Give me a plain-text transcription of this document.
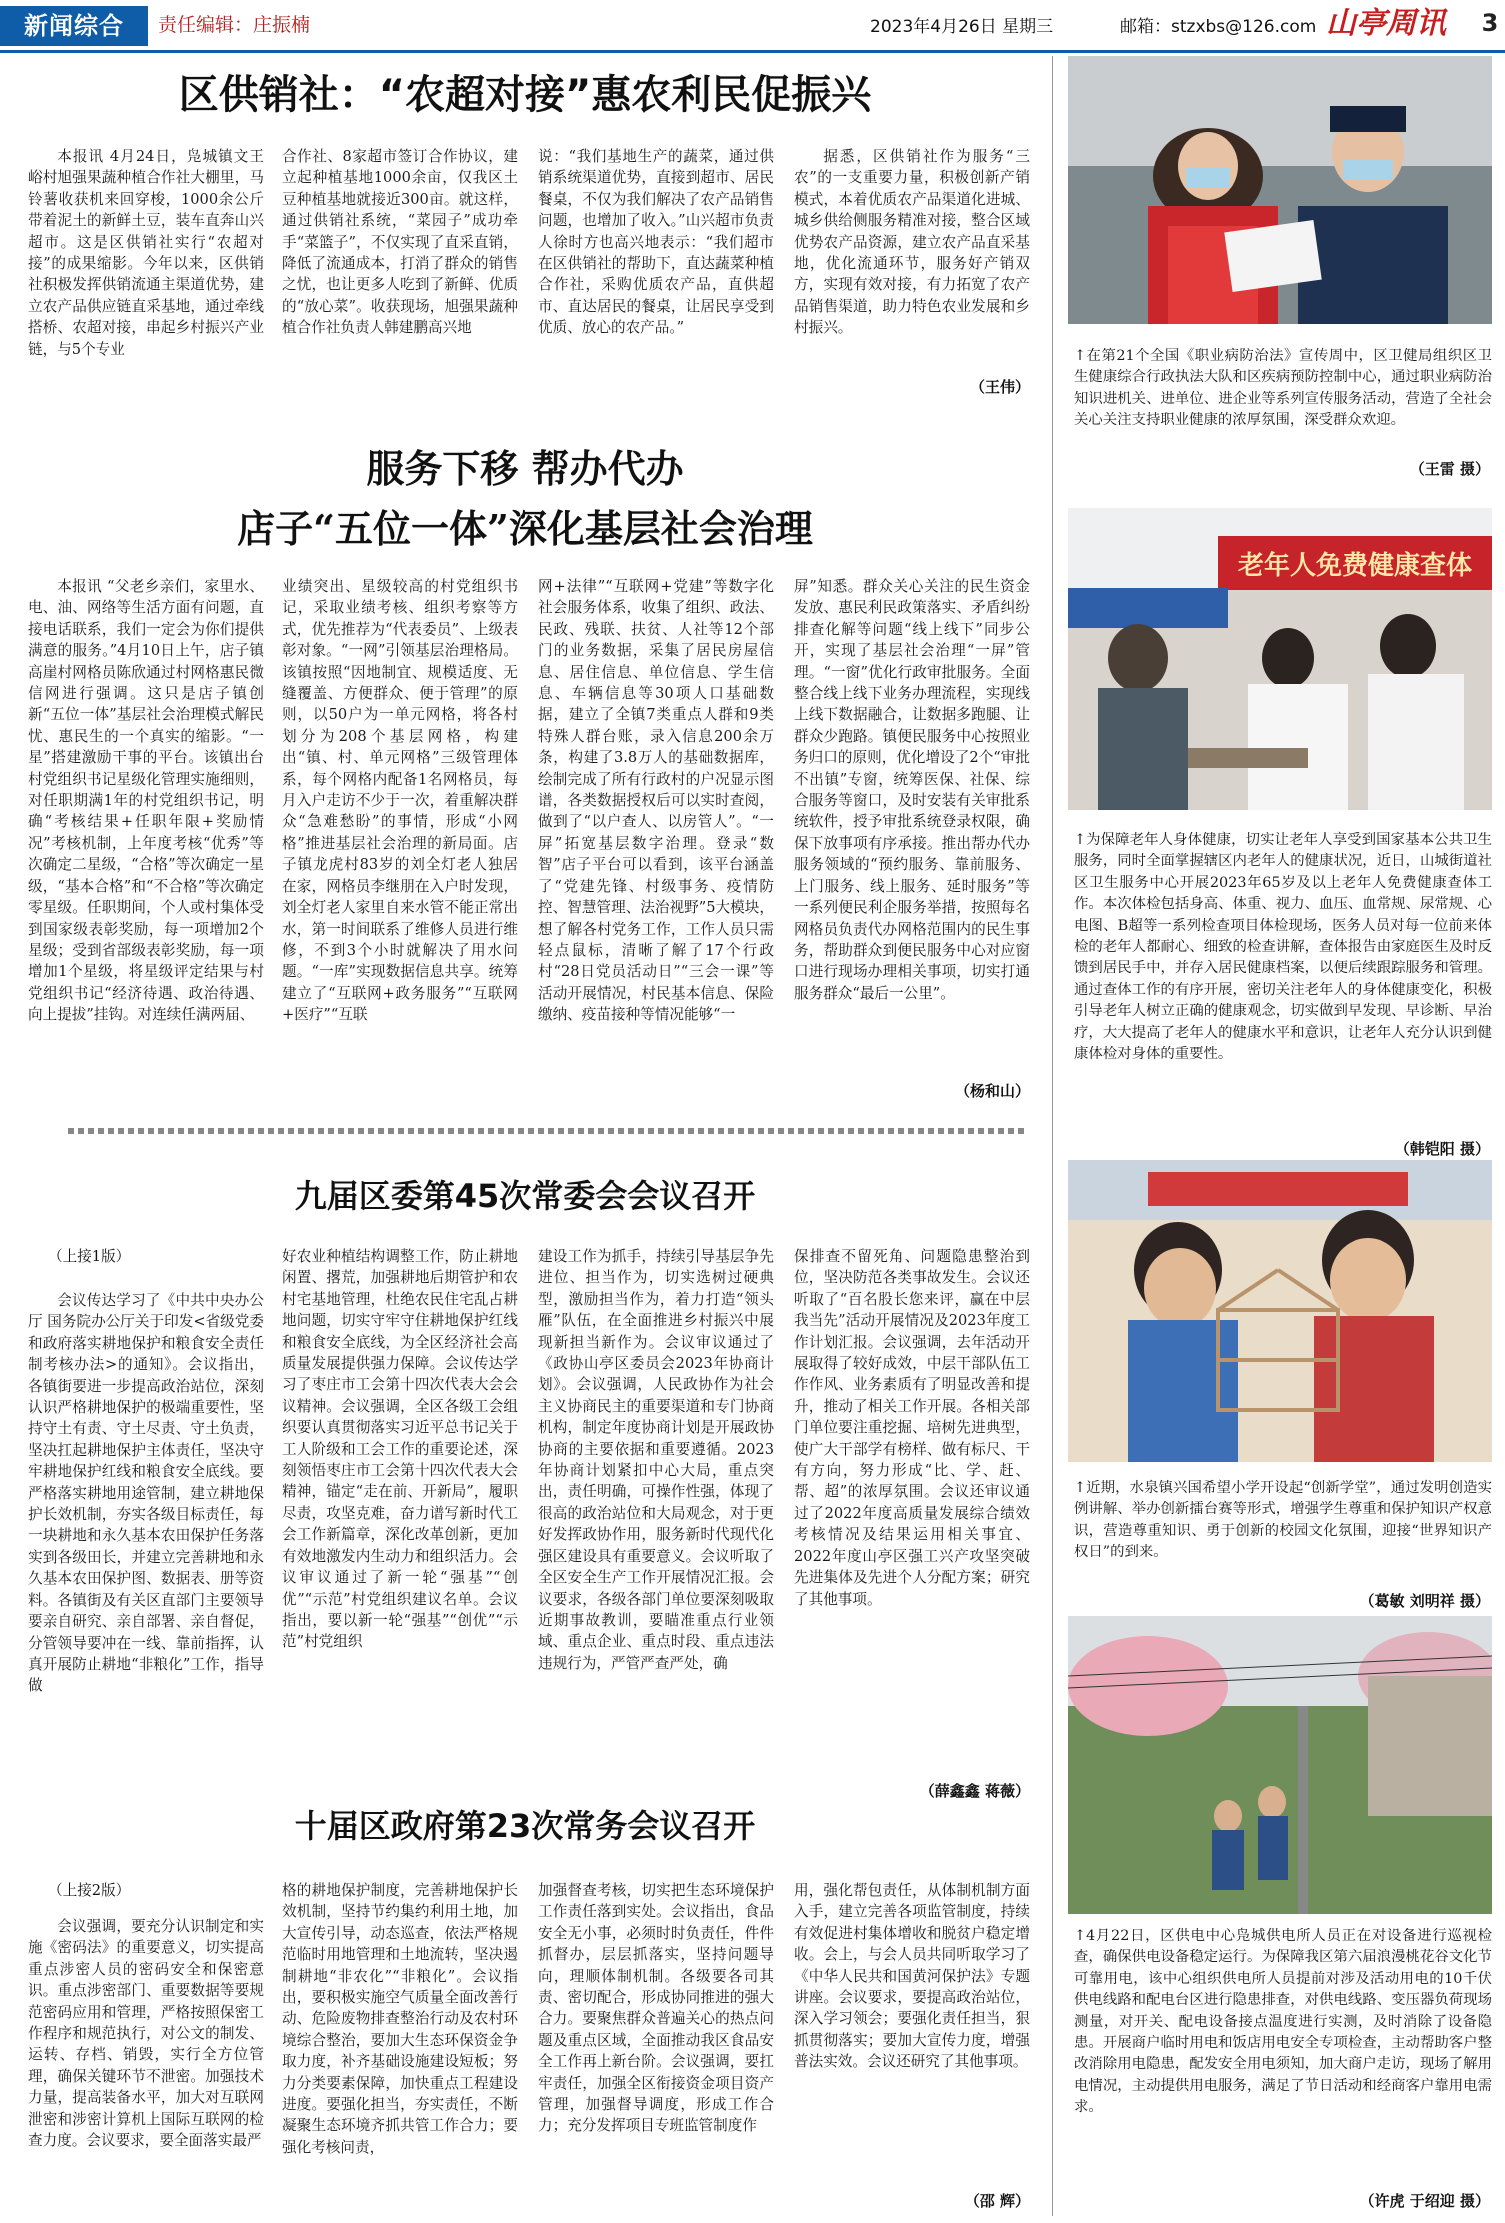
新闻综合	责任编辑：庄振楠	2023年4月26日 星期三	邮箱：stzxbs@126.com 山亭周讯	3
区供销社：“农超对接”惠农利民促振兴
本报讯 4月24日，凫城镇文王峪村旭强果蔬种植合作社大棚里，马铃薯收获机来回穿梭，1000余公斤带着泥土的新鲜土豆，装车直奔山兴超市。这是区供销社实行“农超对接”的成果缩影。今年以来，区供销社积极发挥供销流通主渠道优势，建立农产品供应链直采基地，通过牵线搭桥、农超对接，串起乡村振兴产业链，与5个专业
合作社、8家超市签订合作协议，建立起种植基地1000余亩，仅我区土豆种植基地就接近300亩。就这样，通过供销社系统，“菜园子”成功牵手“菜篮子”，不仅实现了直采直销，降低了流通成本，打消了群众的销售之忧，也让更多人吃到了新鲜、优质的“放心菜”。收获现场，旭强果蔬种植合作社负责人韩建鹏高兴地
说：“我们基地生产的蔬菜，通过供销系统渠道优势，直接到超市、居民餐桌，不仅为我们解决了农产品销售问题，也增加了收入。”山兴超市负责人徐时方也高兴地表示：“我们超市在区供销社的帮助下，直达蔬菜种植合作社，采购优质农产品，直供超市、直达居民的餐桌，让居民享受到优质、放心的农产品。”
据悉，区供销社作为服务“三农”的一支重要力量，积极创新产销模式，本着优质农产品渠道化进城、城乡供给侧服务精准对接，整合区域优势农产品资源，建立农产品直采基地，优化流通环节，服务好产销双方，实现有效对接，有力拓宽了农产品销售渠道，助力特色农业发展和乡村振兴。
（王伟）
服务下移 帮办代办
店子“五位一体”深化基层社会治理
本报讯 “父老乡亲们，家里水、电、油、网络等生活方面有问题，直接电话联系，我们一定会为你们提供满意的服务。”4月10日上午，店子镇高崖村网格员陈欣通过村网格惠民微信网进行强调。这只是店子镇创新“五位一体”基层社会治理模式解民忧、惠民生的一个真实的缩影。“一星”搭建激励干事的平台。该镇出台村党组织书记星级化管理实施细则，对任职期满1年的村党组织书记，明确“考核结果+任职年限+奖励情况”考核机制，上年度考核“优秀”等次确定二星级，“合格”等次确定一星级，“基本合格”和“不合格”等次确定零星级。任职期间，个人或村集体受到国家级表彰奖励，每一项增加2个星级；受到省部级表彰奖励，每一项增加1个星级，将星级评定结果与村党组织书记“经济待遇、政治待遇、向上提拔”挂钩。对连续任满两届、
业绩突出、星级较高的村党组织书记，采取业绩考核、组织考察等方式，优先推荐为“代表委员”、上级表彰对象。“一网”引领基层治理格局。该镇按照“因地制宜、规模适度、无缝覆盖、方便群众、便于管理”的原则，以50户为一单元网格，将各村划分为208个基层网格，构建出“镇、村、单元网格”三级管理体系，每个网格内配备1名网格员，每月入户走访不少于一次，着重解决群众“急难愁盼”的事情，形成“小网格”推进基层社会治理的新局面。店子镇龙虎村83岁的刘全灯老人独居在家，网格员李继朋在入户时发现，刘全灯老人家里自来水管不能正常出水，第一时间联系了维修人员进行维修，不到3个小时就解决了用水问题。“一库”实现数据信息共享。统筹建立了“互联网+政务服务”“互联网+医疗”“互联
网+法律”“互联网+党建”等数字化社会服务体系，收集了组织、政法、民政、残联、扶贫、人社等12个部门的业务数据，采集了居民房屋信息、居住信息、单位信息、学生信息、车辆信息等30项人口基础数据，建立了全镇7类重点人群和9类特殊人群台账，录入信息200余万条，构建了3.8万人的基础数据库，绘制完成了所有行政村的户况显示图谱，各类数据授权后可以实时查阅，做到了“以户查人、以房管人”。“一屏”拓宽基层数字治理。登录“数智”店子平台可以看到，该平台涵盖了“党建先锋、村级事务、疫情防控、智慧管理、法治视野”5大模块，想了解各村党务工作，工作人员只需轻点鼠标，清晰了解了17个行政村“28日党员活动日”“三会一课”等活动开展情况，村民基本信息、保险缴纳、疫苗接种等情况能够“一
屏”知悉。群众关心关注的民生资金发放、惠民利民政策落实、矛盾纠纷排查化解等问题“线上线下”同步公开，实现了基层社会治理“一屏”管理。“一窗”优化行政审批服务。全面整合线上线下业务办理流程，实现线上线下数据融合，让数据多跑腿、让群众少跑路。镇便民服务中心按照业务归口的原则，优化增设了2个“审批不出镇”专窗，统筹医保、社保、综合服务等窗口，及时安装有关审批系统软件，授予审批系统登录权限，确保下放事项有序承接。推出帮办代办服务领域的“预约服务、靠前服务、上门服务、线上服务、延时服务”等一系列便民利企服务举措，按照每名网格员负责代办网格范围内的民生事务，帮助群众到便民服务中心对应窗口进行现场办理相关事项，切实打通服务群众“最后一公里”。
（杨和山）
九届区委第45次常委会会议召开
（上接1版）
会议传达学习了《中共中央办公厅 国务院办公厅关于印发<省级党委和政府落实耕地保护和粮食安全责任制考核办法>的通知》。会议指出，各镇街要进一步提高政治站位，深刻认识严格耕地保护的极端重要性，坚持守土有责、守土尽责、守土负责，坚决扛起耕地保护主体责任，坚决守牢耕地保护红线和粮食安全底线。要严格落实耕地用途管制，建立耕地保护长效机制，夯实各级目标责任，每一块耕地和永久基本农田保护任务落实到各级田长，并建立完善耕地和永久基本农田保护图、数据表、册等资料。各镇街及有关区直部门主要领导要亲自研究、亲自部署、亲自督促，分管领导要冲在一线、靠前指挥，认真开展防止耕地“非粮化”工作，指导做
好农业种植结构调整工作，防止耕地闲置、撂荒，加强耕地后期管护和农村宅基地管理，杜绝农民住宅乱占耕地问题，切实守牢守住耕地保护红线和粮食安全底线，为全区经济社会高质量发展提供强力保障。会议传达学习了枣庄市工会第十四次代表大会会议精神。会议强调，全区各级工会组织要认真贯彻落实习近平总书记关于工人阶级和工会工作的重要论述，深刻领悟枣庄市工会第十四次代表大会精神，锚定“走在前、开新局”，履职尽责，攻坚克难，奋力谱写新时代工会工作新篇章，深化改革创新，更加有效地激发内生动力和组织活力。会议审议通过了新一轮“强基”“创优”“示范”村党组织建议名单。会议指出，要以新一轮“强基”“创优”“示范”村党组织
建设工作为抓手，持续引导基层争先进位、担当作为，切实选树过硬典型，激励担当作为，着力打造“领头雁”队伍，在全面推进乡村振兴中展现新担当新作为。会议审议通过了《政协山亭区委员会2023年协商计划》。会议强调，人民政协作为社会主义协商民主的重要渠道和专门协商机构，制定年度协商计划是开展政协协商的主要依据和重要遵循。2023年协商计划紧扣中心大局，重点突出，责任明确，可操作性强，体现了很高的政治站位和大局观念，对于更好发挥政协作用，服务新时代现代化强区建设具有重要意义。会议听取了全区安全生产工作开展情况汇报。会议要求，各级各部门单位要深刻吸取近期事故教训，要瞄准重点行业领域、重点企业、重点时段、重点违法违规行为，严管严查严处，确
保排查不留死角、问题隐患整治到位，坚决防范各类事故发生。会议还听取了“百名股长您来评，赢在中层我当先”活动开展情况及2023年度工作计划汇报。会议强调，去年活动开展取得了较好成效，中层干部队伍工作作风、业务素质有了明显改善和提升，推动了相关工作开展。各相关部门单位要注重挖掘、培树先进典型，使广大干部学有榜样、做有标尺、干有方向，努力形成“比、学、赶、帮、超”的浓厚氛围。会议还审议通过了2022年度高质量发展综合绩效考核情况及结果运用相关事宜、2022年度山亭区强工兴产攻坚突破先进集体及先进个人分配方案；研究了其他事项。
（薛鑫鑫 蒋薇）
十届区政府第23次常务会议召开
（上接2版）
会议强调，要充分认识制定和实施《密码法》的重要意义，切实提高重点涉密人员的密码安全和保密意识。重点涉密部门、重要数据等要规范密码应用和管理，严格按照保密工作程序和规范执行，对公文的制发、运转、存档、销毁，实行全方位管理，确保关键环节不泄密。加强技术力量，提高装备水平，加大对互联网泄密和涉密计算机上国际互联网的检查力度。会议要求，要全面落实最严
格的耕地保护制度，完善耕地保护长效机制，坚持节约集约利用土地，加大宣传引导，动态巡查，依法严格规范临时用地管理和土地流转，坚决遏制耕地“非农化”“非粮化”。会议指出，要积极实施空气质量全面改善行动、危险废物排查整治行动及农村环境综合整治，要加大生态环保资金争取力度，补齐基础设施建设短板；努力分类要素保障，加快重点工程建设进度。要强化担当，夯实责任，不断凝聚生态环境齐抓共管工作合力；要强化考核问责，
加强督查考核，切实把生态环境保护工作责任落到实处。会议指出，食品安全无小事，必须时时负责任，件件抓督办，层层抓落实，坚持问题导向，理顺体制机制。各级要各司其责、密切配合，形成协同推进的强大合力。要聚焦群众普遍关心的热点问题及重点区域，全面推动我区食品安全工作再上新台阶。会议强调，要扛牢责任，加强全区衔接资金项目资产管理，加强督导调度，形成工作合力；充分发挥项目专班监管制度作
用，强化帮包责任，从体制机制方面入手，建立完善各项监管制度，持续有效促进村集体增收和脱贫户稳定增收。会上，与会人员共同听取学习了《中华人民共和国黄河保护法》专题讲座。会议要求，要提高政治站位，深入学习领会；要强化责任担当，狠抓贯彻落实；要加大宣传力度，增强普法实效。会议还研究了其他事项。
（邵 辉）
↑在第21个全国《职业病防治法》宣传周中，区卫健局组织区卫生健康综合行政执法大队和区疾病预防控制中心，通过职业病防治知识进机关、进单位、进企业等系列宣传服务活动，营造了全社会关心关注支持职业健康的浓厚氛围，深受群众欢迎。
（王雷 摄）
老年人免费健康查体
↑为保障老年人身体健康，切实让老年人享受到国家基本公共卫生服务，同时全面掌握辖区内老年人的健康状况，近日，山城街道社区卫生服务中心开展2023年65岁及以上老年人免费健康查体工作。本次体检包括身高、体重、视力、血压、血常规、尿常规、心电图、B超等一系列检查项目体检现场，医务人员对每一位前来体检的老年人都耐心、细致的检查讲解，查体报告由家庭医生及时反馈到居民手中，并存入居民健康档案，以便后续跟踪服务和管理。通过查体工作的有序开展，密切关注老年人的身体健康变化，积极引导老年人树立正确的健康观念，切实做到早发现、早诊断、早治疗，大大提高了老年人的健康水平和意识，让老年人充分认识到健康体检对身体的重要性。
（韩铠阳 摄）
↑近期，水泉镇兴国希望小学开设起“创新学堂”，通过发明创造实例讲解、举办创新擂台赛等形式，增强学生尊重和保护知识产权意识，营造尊重知识、勇于创新的校园文化氛围，迎接“世界知识产权日”的到来。
（葛敏 刘明祥 摄）
↑4月22日，区供电中心凫城供电所人员正在对设备进行巡视检查，确保供电设备稳定运行。为保障我区第六届浪漫桃花谷文化节可靠用电，该中心组织供电所人员提前对涉及活动用电的10千伏供电线路和配电台区进行隐患排查，对供电线路、变压器负荷现场测量，对开关、配电设备接点温度进行实测，及时消除了设备隐患。开展商户临时用电和饭店用电安全专项检查，主动帮助客户整改消除用电隐患，配发安全用电须知，加大商户走访，现场了解用电情况，主动提供用电服务，满足了节日活动和经商客户靠用电需求。
（许虎 于绍迎 摄）
